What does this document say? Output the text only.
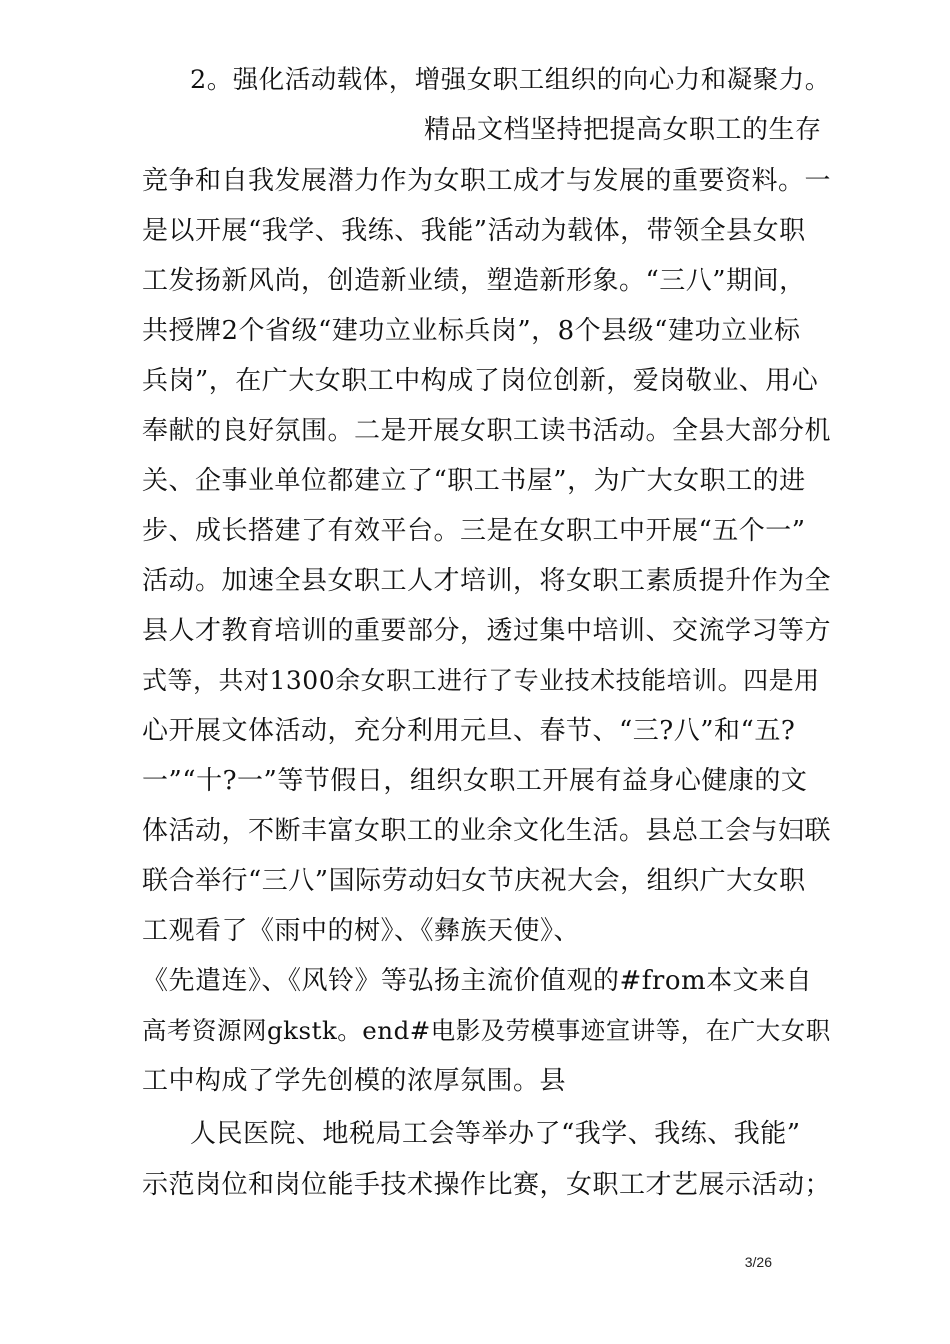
2。强化活动载体，增强女职工组织的向心力和凝聚力。
精品文档坚持把提高女职工的生存
竞争和自我发展潜力作为女职工成才与发展的重要资料。一
是以开展“我学、我练、我能”活动为载体，带领全县女职
工发扬新风尚，创造新业绩，塑造新形象。“三八”期间，
共授牌2个省级“建功立业标兵岗”，8个县级“建功立业标
兵岗”，在广大女职工中构成了岗位创新，爱岗敬业、用心
奉献的良好氛围。二是开展女职工读书活动。全县大部分机
关、企事业单位都建立了“职工书屋”，为广大女职工的进
步、成长搭建了有效平台。三是在女职工中开展“五个一”
活动。加速全县女职工人才培训，将女职工素质提升作为全
县人才教育培训的重要部分，透过集中培训、交流学习等方
式等，共对1300余女职工进行了专业技术技能培训。四是用
心开展文体活动，充分利用元旦、春节、“三?八”和“五?
一”“十?一”等节假日，组织女职工开展有益身心健康的文
体活动，不断丰富女职工的业余文化生活。县总工会与妇联
联合举行“三八”国际劳动妇女节庆祝大会，组织广大女职
工观看了《雨中的树》、《彝族天使》、
《先遣连》、《风铃》等弘扬主流价值观的#from本文来自
高考资源网gkstk。end#电影及劳模事迹宣讲等，在广大女职
工中构成了学先创模的浓厚氛围。县
人民医院、地税局工会等举办了“我学、我练、我能”
示范岗位和岗位能手技术操作比赛，女职工才艺展示活动；
3/26
